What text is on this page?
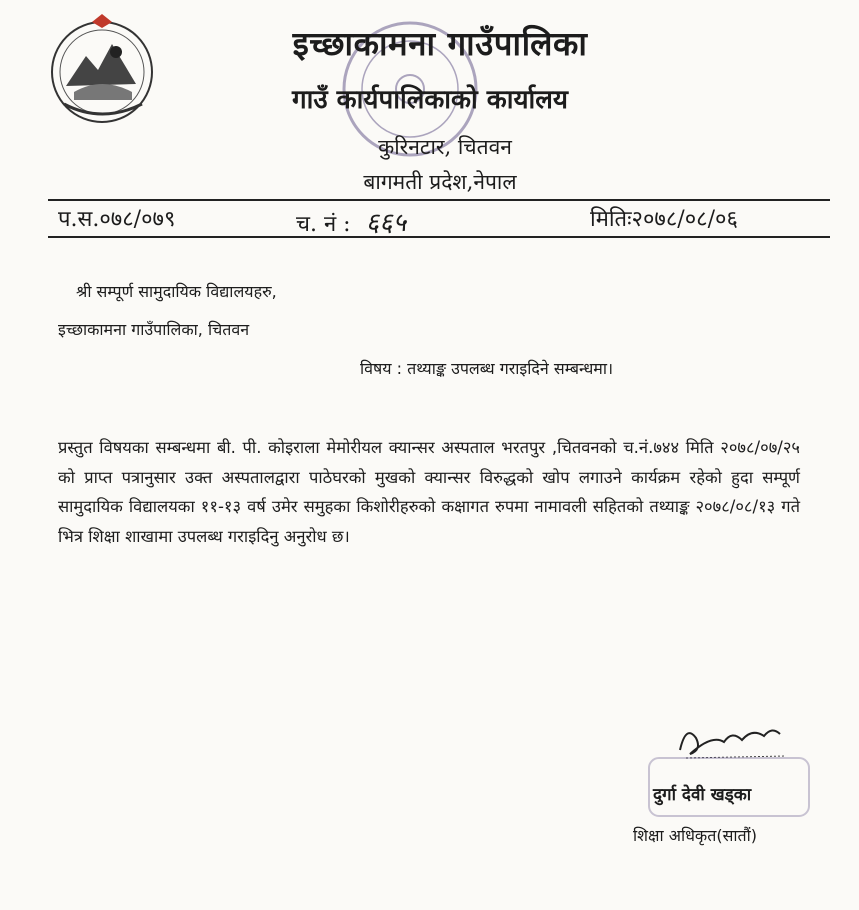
इच्छाकामना गाउँपालिका
गाउँ कार्यपालिकाको कार्यालय
कुरिनटार, चितवन
बागमती प्रदेश,नेपाल
प.स.०७८/०७९	च. नं : ६६५	मितिः२०७८/०८/०६
श्री सम्पूर्ण सामुदायिक विद्यालयहरु,
इच्छाकामना गाउँपालिका, चितवन
विषय : तथ्याङ्क उपलब्ध गराइदिने सम्बन्धमा।
प्रस्तुत विषयका सम्बन्धमा बी. पी. कोइराला मेमोरीयल क्यान्सर अस्पताल भरतपुर ,चितवनको च.नं.७४४ मिति २०७८/०७/२५ को प्राप्त पत्रानुसार उक्त अस्पतालद्वारा पाठेघरको मुखको क्यान्सर विरुद्धको खोप लगाउने कार्यक्रम रहेको हुदा सम्पूर्ण सामुदायिक विद्यालयका ११-१३ वर्ष उमेर समुहका किशोरीहरुको कक्षागत रुपमा नामावली सहितको तथ्याङ्क २०७८/०८/१३ गते भित्र शिक्षा शाखामा उपलब्ध गराइदिनु अनुरोध छ।
दुर्गा देवी खड्का
शिक्षा अधिकृत(सातौं)
